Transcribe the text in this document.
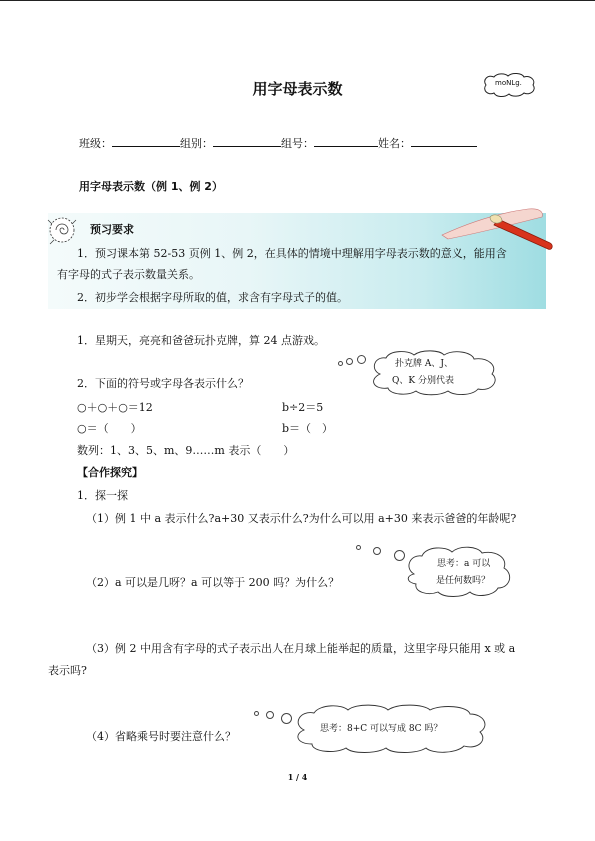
用字母表示数	moNLg.
班级：	组别：	组号：	姓名：
用字母表示数（例 1、例 2）
预习要求
1．预习课本第 52-53 页例 1、例 2，在具体的情境中理解用字母表示数的意义，能用含
有字母的式子表示数量关系。
2．初步学会根据字母所取的值，求含有字母式子的值。
1．星期天，亮亮和爸爸玩扑克牌，算 24 点游戏。
扑克牌 A、J、
Q、K 分别代表
2．下面的符号或字母各表示什么？
○＋○＋○＝12	b÷2＝5
○＝（　　）	b＝（　）
数列：1、3、5、m、9……m 表示（　　）
【合作探究】
1．探一探
（1）例 1 中 a 表示什么?a+30 又表示什么?为什么可以用 a+30 来表示爸爸的年龄呢?
思考：a 可以
是任何数吗？
（2）a 可以是几呀？a 可以等于 200 吗？为什么？
（3）例 2 中用含有字母的式子表示出人在月球上能举起的质量，这里字母只能用 x 或 a
表示吗?
思考：8+C 可以写成 8C 吗？
（4）省略乘号时要注意什么？
1 / 4
